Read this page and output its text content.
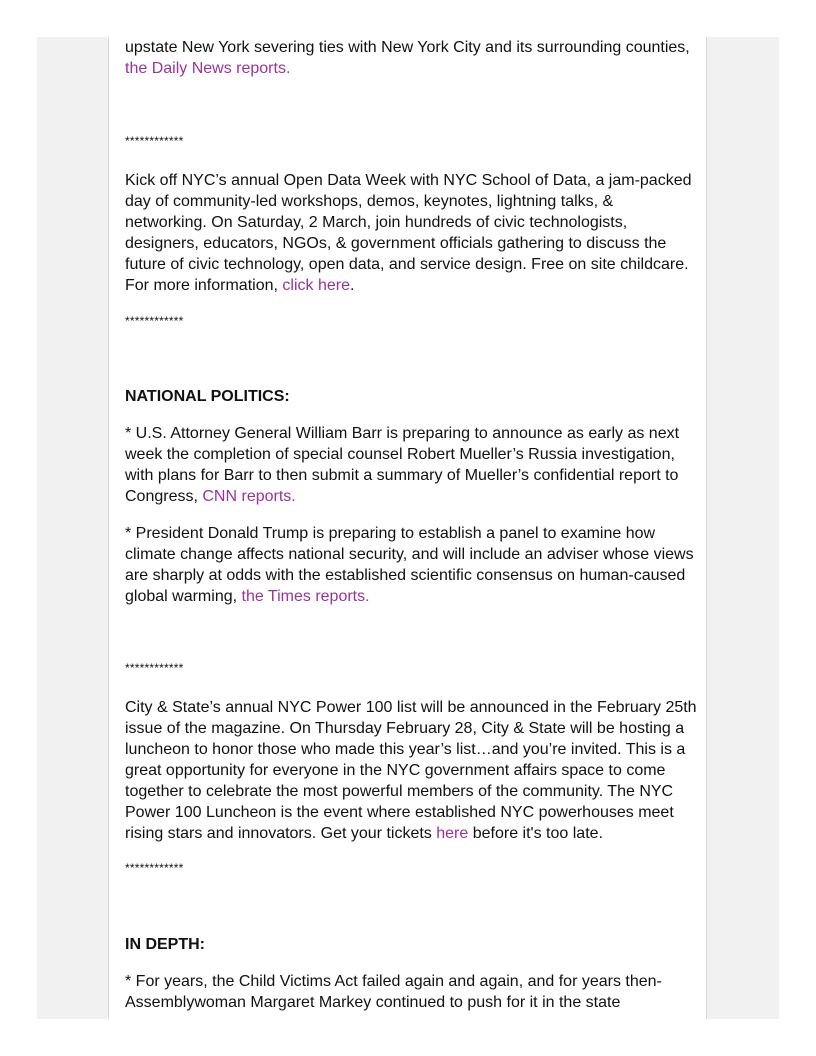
upstate New York severing ties with New York City and its surrounding counties, the Daily News reports.

************

Kick off NYC’s annual Open Data Week with NYC School of Data, a jam-packed day of community-led workshops, demos, keynotes, lightning talks, & networking. On Saturday, 2 March, join hundreds of civic technologists, designers, educators, NGOs, & government officials gathering to discuss the future of civic technology, open data, and service design. Free on site childcare. For more information, click here.

************

NATIONAL POLITICS:

* U.S. Attorney General William Barr is preparing to announce as early as next week the completion of special counsel Robert Mueller’s Russia investigation, with plans for Barr to then submit a summary of Mueller’s confidential report to Congress, CNN reports.

* President Donald Trump is preparing to establish a panel to examine how climate change affects national security, and will include an adviser whose views are sharply at odds with the established scientific consensus on human-caused global warming, the Times reports.

************

City & State’s annual NYC Power 100 list will be announced in the February 25th issue of the magazine. On Thursday February 28, City & State will be hosting a luncheon to honor those who made this year’s list…and you’re invited. This is a great opportunity for everyone in the NYC government affairs space to come together to celebrate the most powerful members of the community. The NYC Power 100 Luncheon is the event where established NYC powerhouses meet rising stars and innovators. Get your tickets here before it's too late.

************

IN DEPTH:

* For years, the Child Victims Act failed again and again, and for years then-Assemblywoman Margaret Markey continued to push for it in the state
